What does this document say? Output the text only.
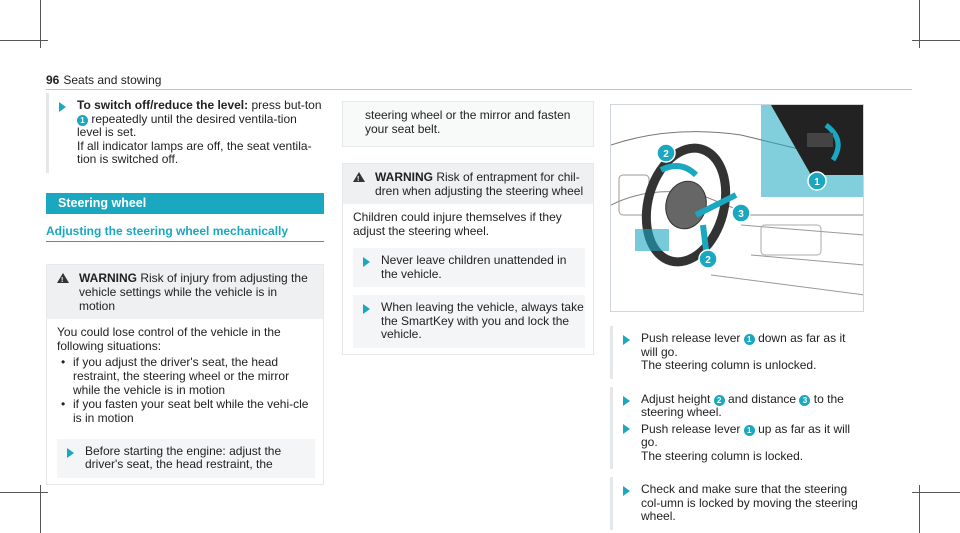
96 Seats and stowing

To switch off/reduce the level: press but-ton 1 repeatedly until the desired ventila-tion level is set.
If all indicator lamps are off, the seat ventila-tion is switched off.

Steering wheel
Adjusting the steering wheel mechanically
!

WARNING Risk of injury from adjusting the vehicle settings while the vehicle is in motion

You could lose control of the vehicle in the following situations:

• if you adjust the driver's seat, the head restraint, the steering wheel or the mirror while the vehicle is in motion
• if you fasten your seat belt while the vehi-cle is in motion

Before starting the engine: adjust the driver's seat, the head restraint, the

steering wheel or the mirror and fasten your seat belt.

!

WARNING Risk of entrapment for chil-dren when adjusting the steering wheel

Children could injure themselves if they adjust the steering wheel.

Never leave children unattended in the vehicle.

When leaving the vehicle, always take the SmartKey with you and lock the vehicle.

1
2
2
3

Push release lever 1 down as far as it will go.
The steering column is unlocked.

Adjust height 2 and distance 3 to the steering wheel.

Push release lever 1 up as far as it will go.
The steering column is locked.

Check and make sure that the steering col-umn is locked by moving the steering wheel.
